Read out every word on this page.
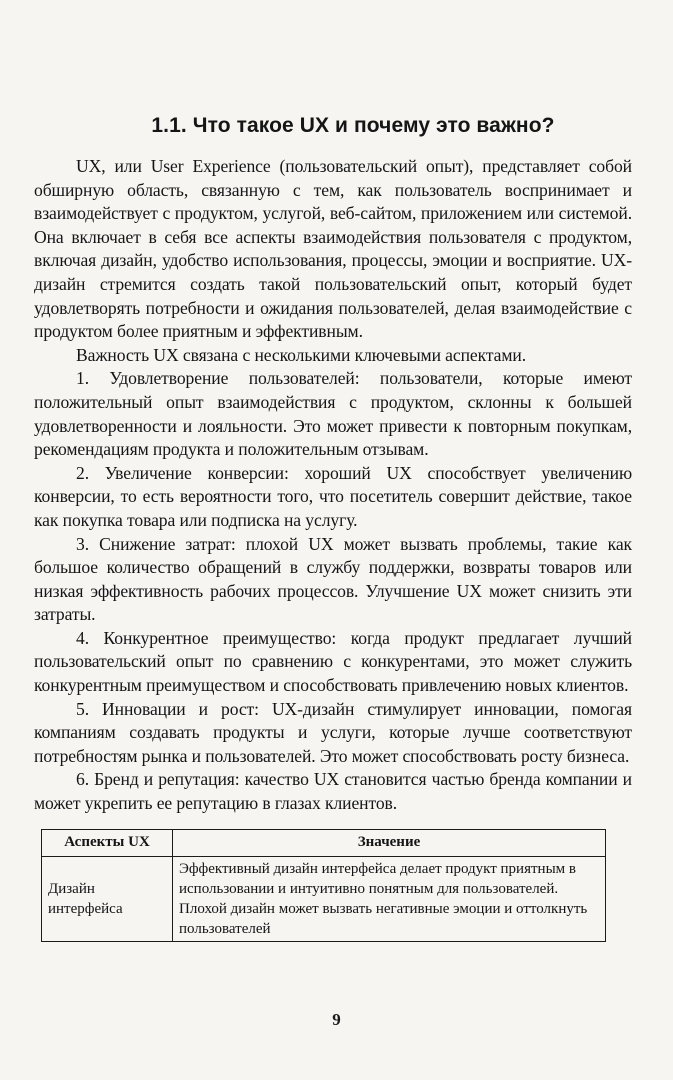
1.1. Что такое UX и почему это важно?

UX, или User Experience (пользовательский опыт), представляет собой обширную область, связанную с тем, как пользователь воспринимает и взаимодействует с продуктом, услугой, веб-сайтом, приложением или системой. Она включает в себя все аспекты взаимодействия пользователя с продуктом, включая дизайн, удобство использования, процессы, эмоции и восприятие. UX-дизайн стремится создать такой пользовательский опыт, который будет удовлетворять потребности и ожидания пользователей, делая взаимодействие с продуктом более приятным и эффективным.

Важность UX связана с несколькими ключевыми аспектами.

1. Удовлетворение пользователей: пользователи, которые имеют положительный опыт взаимодействия с продуктом, склонны к большей удовлетворенности и лояльности. Это может привести к повторным покупкам, рекомендациям продукта и положительным отзывам.

2. Увеличение конверсии: хороший UX способствует увеличению конверсии, то есть вероятности того, что посетитель совершит действие, такое как покупка товара или подписка на услугу.

3. Снижение затрат: плохой UX может вызвать проблемы, такие как большое количество обращений в службу поддержки, возвраты товаров или низкая эффективность рабочих процессов. Улучшение UX может снизить эти затраты.

4. Конкурентное преимущество: когда продукт предлагает лучший пользовательский опыт по сравнению с конкурентами, это может служить конкурентным преимуществом и способствовать привлечению новых клиентов.

5. Инновации и рост: UX-дизайн стимулирует инновации, помогая компаниям создавать продукты и услуги, которые лучше соответствуют потребностям рынка и пользователей. Это может способствовать росту бизнеса.

6. Бренд и репутация: качество UX становится частью бренда компании и может укрепить ее репутацию в глазах клиентов.

Аспекты UX	Значение
Дизайн интерфейса	Эффективный дизайн интерфейса делает продукт приятным в использовании и интуитивно понятным для пользователей. Плохой дизайн может вызвать негативные эмоции и оттолкнуть пользователей
9
